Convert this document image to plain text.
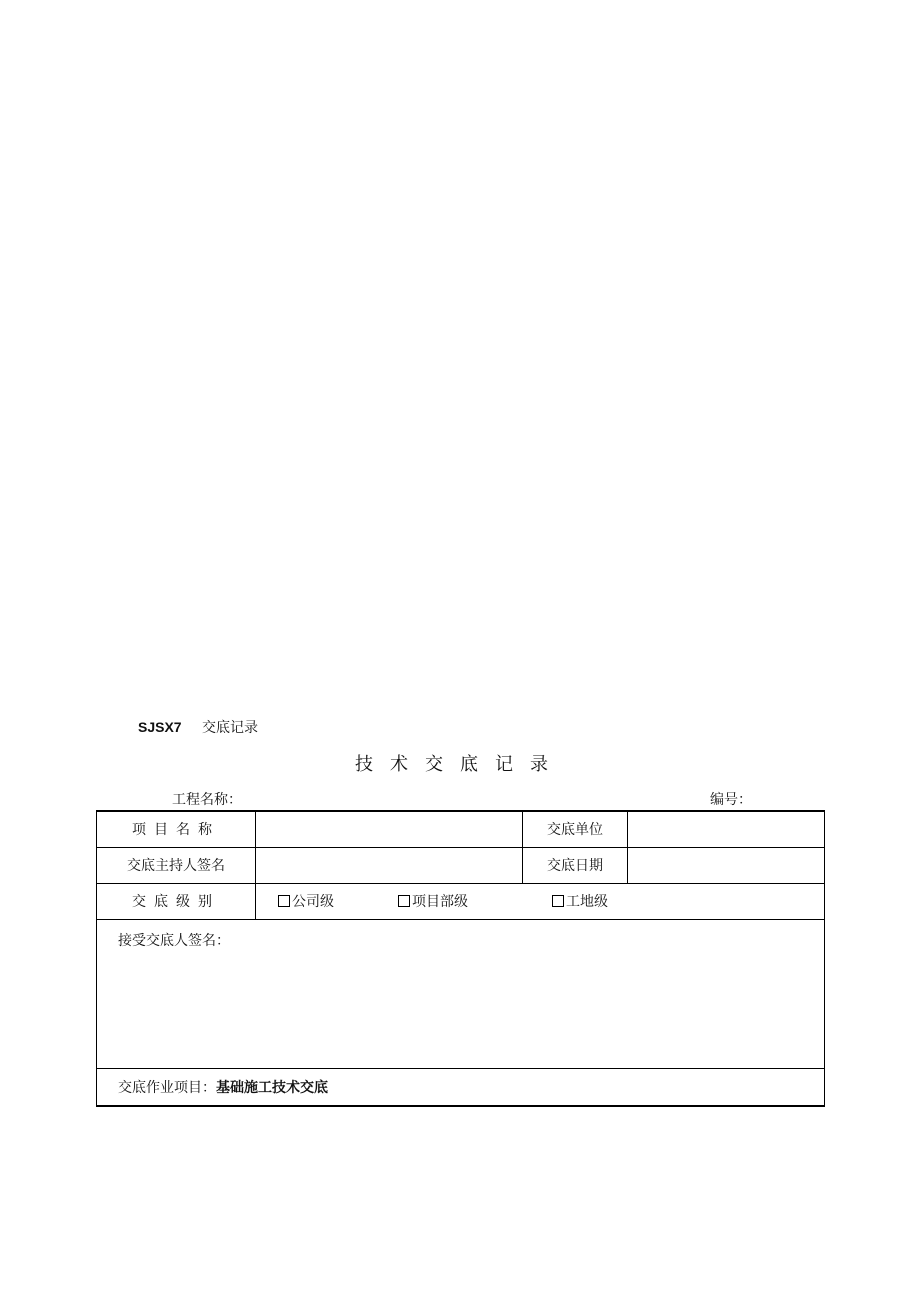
SJSX7 交底记录
技术交底记录
工程名称：	编号：
项目名称		交底单位	
交底主持人签名		交底日期	
交底级别	公司级 项目部级 工地级		

接受交底人签名：			
交底作业项目：基础施工技术交底			
